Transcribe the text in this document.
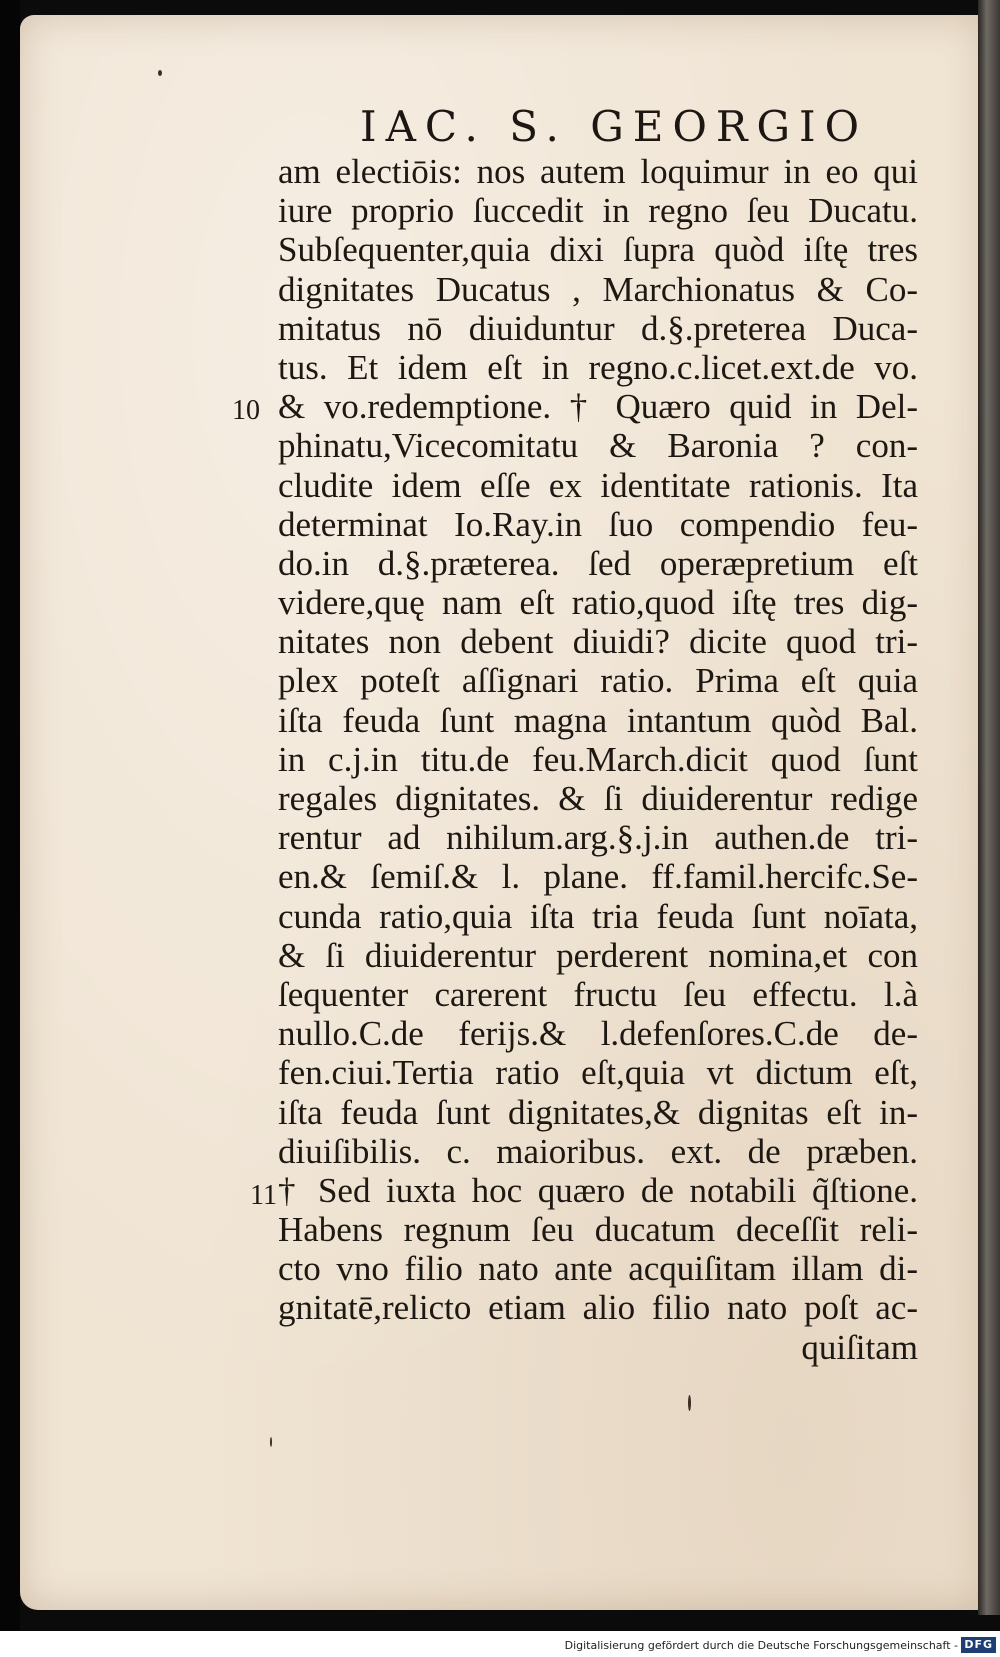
IAC. S. GEORGIO
10
11
am electiōis: nos autem loquimur in eo qui
iure proprio ſuccedit in regno ſeu Ducatu.
Subſequenter,quia dixi ſupra quòd iſtę tres
dignitates Ducatus , Marchionatus & Co-
mitatus nō diuiduntur d.§.preterea Duca-
tus. Et idem eſt in regno.c.licet.ext.de vo.
& vo.redemptione. † Quæro quid in Del-
phinatu,Vicecomitatu & Baronia ? con-
cludite idem eſſe ex identitate rationis. Ita
determinat Io.Ray.in ſuo compendio feu-
do.in d.§.præterea. ſed operæpretium eſt
videre,quę nam eſt ratio,quod iſtę tres dig-
nitates non debent diuidi? dicite quod tri-
plex poteſt aſſignari ratio. Prima eſt quia
iſta feuda ſunt magna intantum quòd Bal.
in c.j.in titu.de feu.March.dicit quod ſunt
regales dignitates. & ſi diuiderentur redige
rentur ad nihilum.arg.§.j.in authen.de tri-
en.& ſemiſ.& l. plane. ff.famil.hercifc.Se-
cunda ratio,quia iſta tria feuda ſunt noīata,
& ſi diuiderentur perderent nomina,et con
ſequenter carerent fructu ſeu effectu. l.à
nullo.C.de ferijs.& l.defenſores.C.de de-
fen.ciui.Tertia ratio eſt,quia vt dictum eſt,
iſta feuda ſunt dignitates,& dignitas eſt in-
diuiſibilis. c. maioribus. ext. de præben.
† Sed iuxta hoc quæro de notabili q̃ſtione.
Habens regnum ſeu ducatum deceſſit reli-
cto vno filio nato ante acquiſitam illam di-
gnitatē,relicto etiam alio filio nato poſt ac-
quiſitam
Digitalisierung gefördert durch die Deutsche Forschungsgemeinschaft - DFG
